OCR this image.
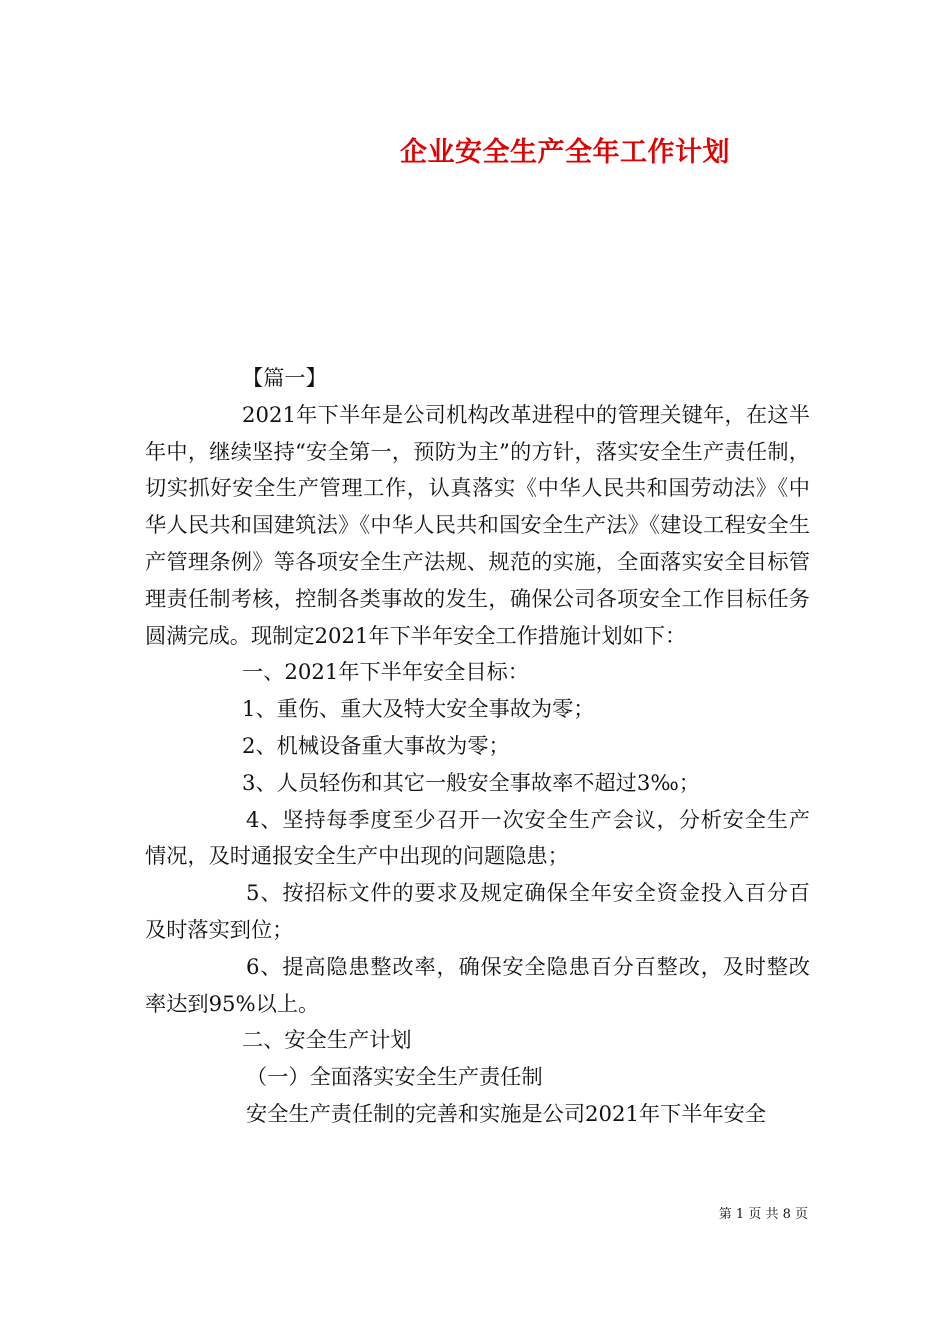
企业安全生产全年工作计划

【篇一】

2021年下半年是公司机构改革进程中的管理关键年，在这半年中，继续坚持“安全第一，预防为主”的方针，落实安全生产责任制，切实抓好安全生产管理工作，认真落实《中华人民共和国劳动法》《中华人民共和国建筑法》《中华人民共和国安全生产法》《建设工程安全生产管理条例》等各项安全生产法规、规范的实施，全面落实安全目标管理责任制考核，控制各类事故的发生，确保公司各项安全工作目标任务圆满完成。现制定2021年下半年安全工作措施计划如下：

一、2021年下半年安全目标：

1、重伤、重大及特大安全事故为零；

2、机械设备重大事故为零；

3、人员轻伤和其它一般安全事故率不超过3‰；

4、坚持每季度至少召开一次安全生产会议，分析安全生产情况，及时通报安全生产中出现的问题隐患；

5、按招标文件的要求及规定确保全年安全资金投入百分百及时落实到位；

6、提高隐患整改率，确保安全隐患百分百整改，及时整改率达到95%以上。

二、安全生产计划

（一）全面落实安全生产责任制

安全生产责任制的完善和实施是公司2021年下半年安全

第 1 页 共 8 页
